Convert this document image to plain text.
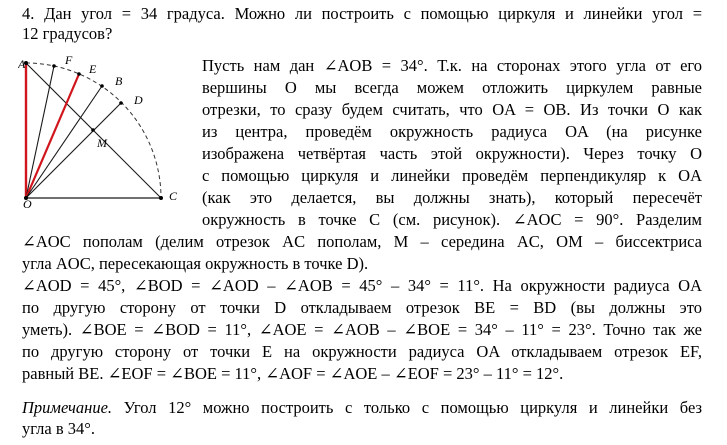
4. Дан угол = 34 градуса. Можно ли построить с помощью циркуля и линейки угол =
12 градусов?
A	F
E
B
D
M
O
C
Пусть нам дан ∠AOB = 34°. Т.к. на сторонах этого угла от его
вершины O мы всегда можем отложить циркулем равные
отрезки, то сразу будем считать, что OA = OB. Из точки O как
из центра, проведём окружность радиуса OA (на рисунке
изображена четвёртая часть этой окружности). Через точку O
с помощью циркуля и линейки проведём перпендикуляр к OA
(как это делается, вы должны знать), который пересечёт
окружность в точке C (см. рисунок). ∠AOC = 90°. Разделим
∠AOC пополам (делим отрезок AC пополам, M – середина AC, OM – биссектриса
угла AOC, пересекающая окружность в точке D).
∠AOD = 45°, ∠BOD = ∠AOD – ∠AOB = 45° – 34° = 11°. На окружности радиуса OA
по другую сторону от точки D откладываем отрезок BE = BD (вы должны это
уметь). ∠BOE = ∠BOD = 11°, ∠AOE = ∠AOB – ∠BOE = 34° – 11° = 23°. Точно так же
по другую сторону от точки E на окружности радиуса OA откладываем отрезок EF,
равный BE. ∠EOF = ∠BOE = 11°, ∠AOF = ∠AOE – ∠EOF = 23° – 11° = 12°.
Примечание. Угол 12° можно построить с только с помощью циркуля и линейки без
угла в 34°.
